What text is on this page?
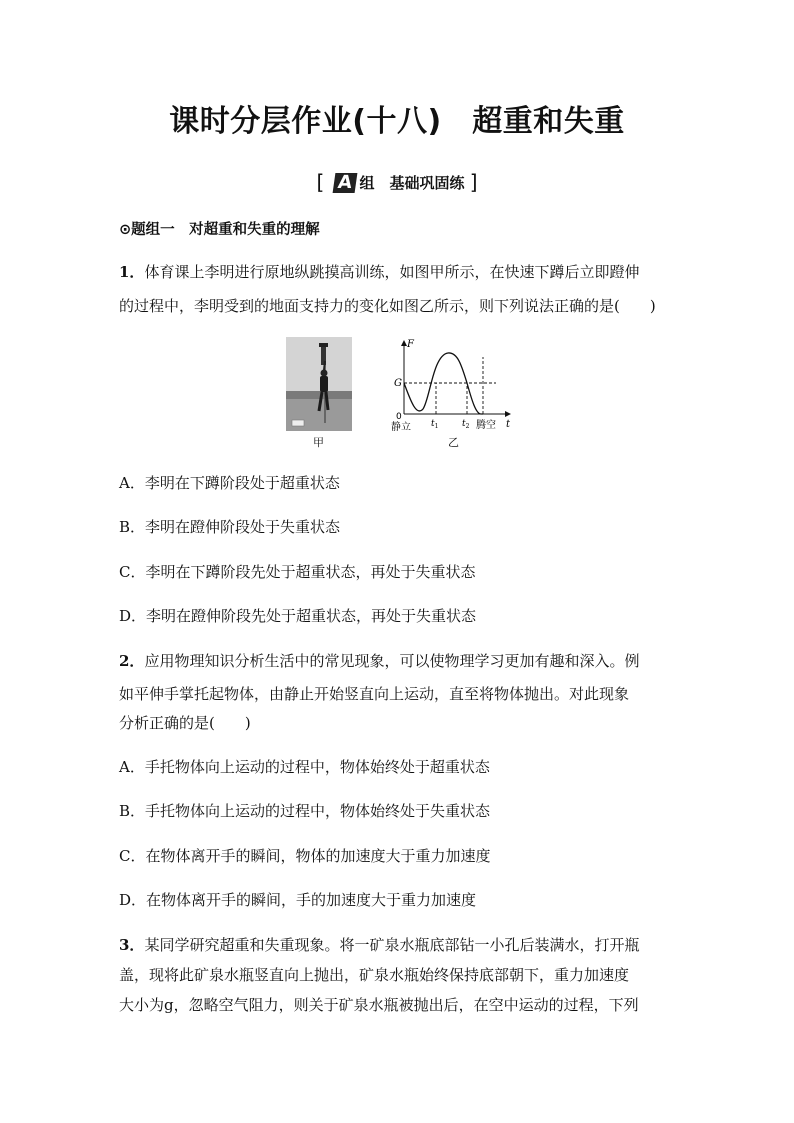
课时分层作业(十八)　超重和失重
[ A 组　基础巩固练 ]
⊙题组一　对超重和失重的理解
1．体育课上李明进行原地纵跳摸高训练，如图甲所示，在快速下蹲后立即蹬伸
的过程中，李明受到的地面支持力的变化如图乙所示，则下列说法正确的是(　　)
甲
F
G
0
t
$t_1$	$t_2$
静立	腾空
乙
A．李明在下蹲阶段处于超重状态
B．李明在蹬伸阶段处于失重状态
C．李明在下蹲阶段先处于超重状态，再处于失重状态
D．李明在蹬伸阶段先处于超重状态，再处于失重状态
2．应用物理知识分析生活中的常见现象，可以使物理学习更加有趣和深入。例
如平伸手掌托起物体，由静止开始竖直向上运动，直至将物体抛出。对此现象
分析正确的是(　　)
A．手托物体向上运动的过程中，物体始终处于超重状态
B．手托物体向上运动的过程中，物体始终处于失重状态
C．在物体离开手的瞬间，物体的加速度大于重力加速度
D．在物体离开手的瞬间，手的加速度大于重力加速度
3．某同学研究超重和失重现象。将一矿泉水瓶底部钻一小孔后装满水，打开瓶
盖，现将此矿泉水瓶竖直向上抛出，矿泉水瓶始终保持底部朝下，重力加速度
大小为g，忽略空气阻力，则关于矿泉水瓶被抛出后，在空中运动的过程，下列
